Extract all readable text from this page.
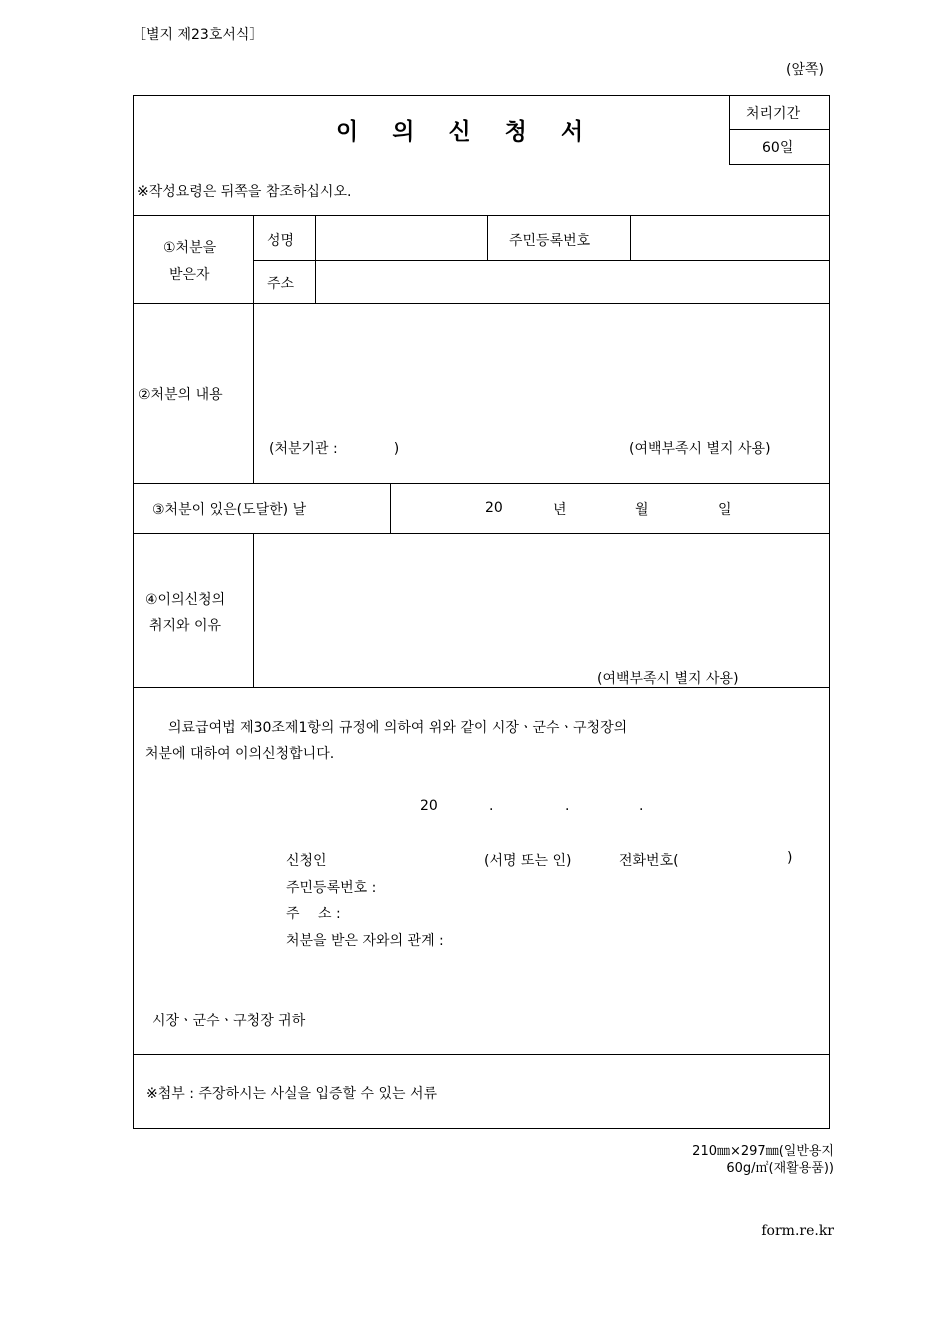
［별지 제23호서식］
(앞쪽)
이 의 신 청 서
처리기간
60일
※작성요령은 뒤쪽을 참조하십시오.
①처분을
받은자
성명	주민등록번호
주소
②처분의 내용
(처분기관 :　　　　)	(여백부족시 별지 사용)
③처분이 있은(도달한) 날	20	년	월	일
④이의신청의
취지와 이유
(여백부족시 별지 사용)
의료급여법 제30조제1항의 규정에 의하여 위와 같이 시장ㆍ군수ㆍ구청장의
처분에 대하여 이의신청합니다.
20	.	.	.
신청인	(서명 또는 인)	전화번호(	)
주민등록번호 :
주　 소 :
처분을 받은 자와의 관계 :
시장ㆍ군수ㆍ구청장 귀하
※첨부 : 주장하시는 사실을 입증할 수 있는 서류
210㎜×297㎜(일반용지
60g/㎡(재활용품))
form.re.kr
